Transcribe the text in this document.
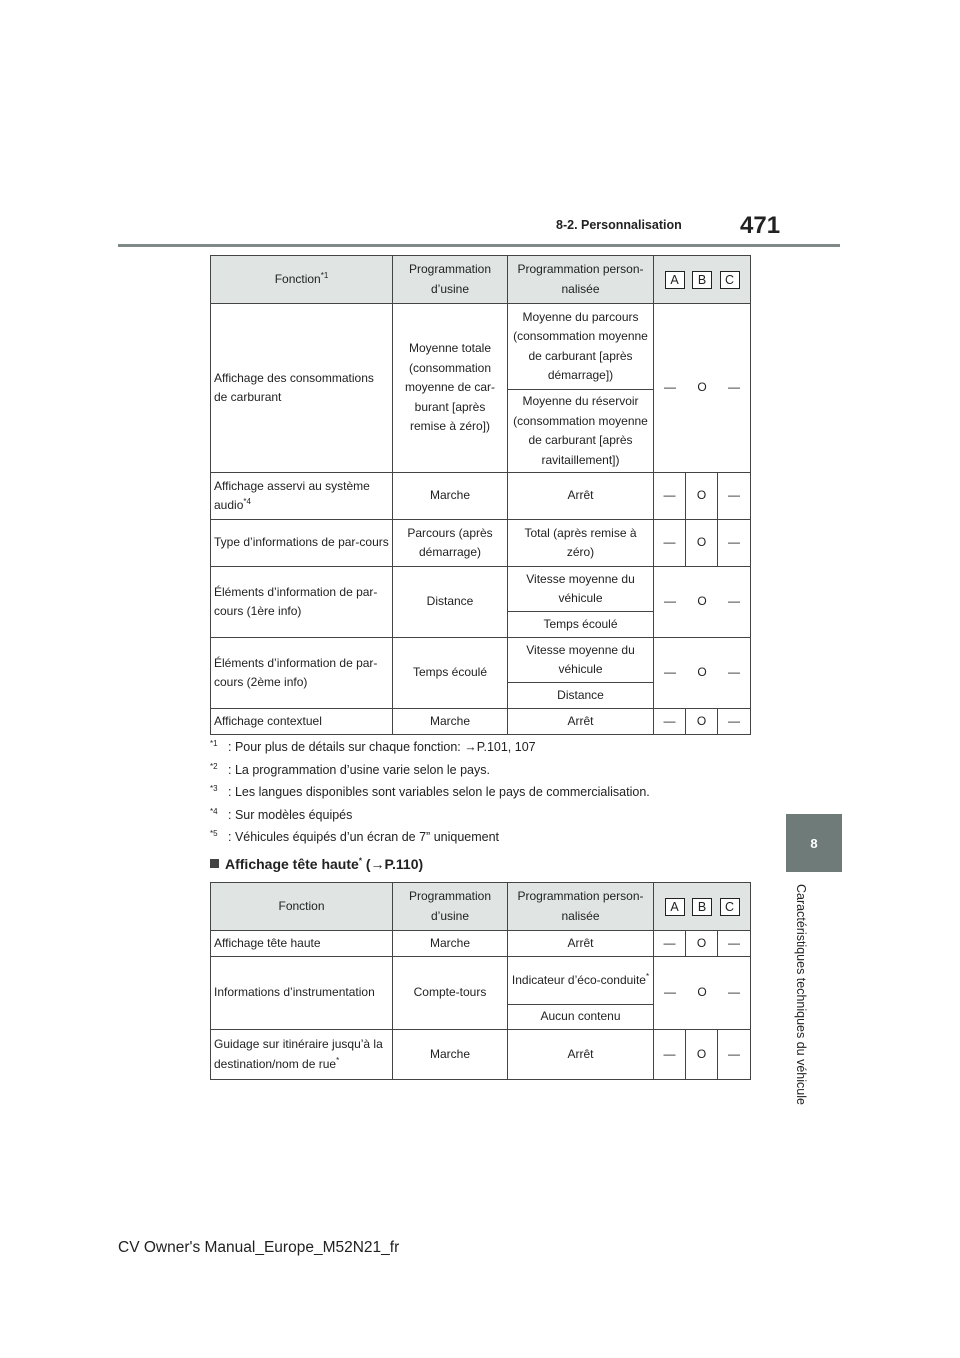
8-2. Personnalisation 471
8
Caractéristiques techniques du véhicule
Fonction$^{*1}$	Programmation d’usine	Programmation person-nalisée	A B C		

Affichage des consommations de carburant	Moyenne totale (consommation moyenne de car-burant [après remise à zéro])	Moyenne du parcours (consommation moyenne de carburant [après démarrage])	— O —		

		Moyenne du réservoir (consommation moyenne de carburant [après ravitaillement])			
Affichage asservi au système audio$^{*4}$	Marche	Arrêt	—	O	—
Type d’informations de par-cours	Parcours (après démarrage)	Total (après remise à zéro)	—	O	—
Éléments d’information de par-cours (1ère info)	Distance	Vitesse moyenne du véhicule	— O —		

		Temps écoulé			
Éléments d’information de par-cours (2ème info)	Temps écoulé	Vitesse moyenne du véhicule	— O —		

		Distance			
Affichage contextuel	Marche	Arrêt	—	O	—
$^{*1}$ : Pour plus de détails sur chaque fonction: →P.101, 107
$^{*2}$ : La programmation d’usine varie selon le pays.
$^{*3}$ : Les langues disponibles sont variables selon le pays de commercialisation.
$^{*4}$ : Sur modèles équipés
$^{*5}$ : Véhicules équipés d’un écran de 7” uniquement
Affichage tête haute* (→P.110)
Fonction	Programmation d’usine	Programmation person-nalisée	A B C		

Affichage tête haute	Marche	Arrêt	—	O	—
Informations d’instrumentation	Compte-tours	Indicateur d’éco-conduite*	— O —		

		Aucun contenu			
Guidage sur itinéraire jusqu’à la destination/nom de rue*	Marche	Arrêt	—	O	—
CV Owner's Manual_Europe_M52N21_fr
